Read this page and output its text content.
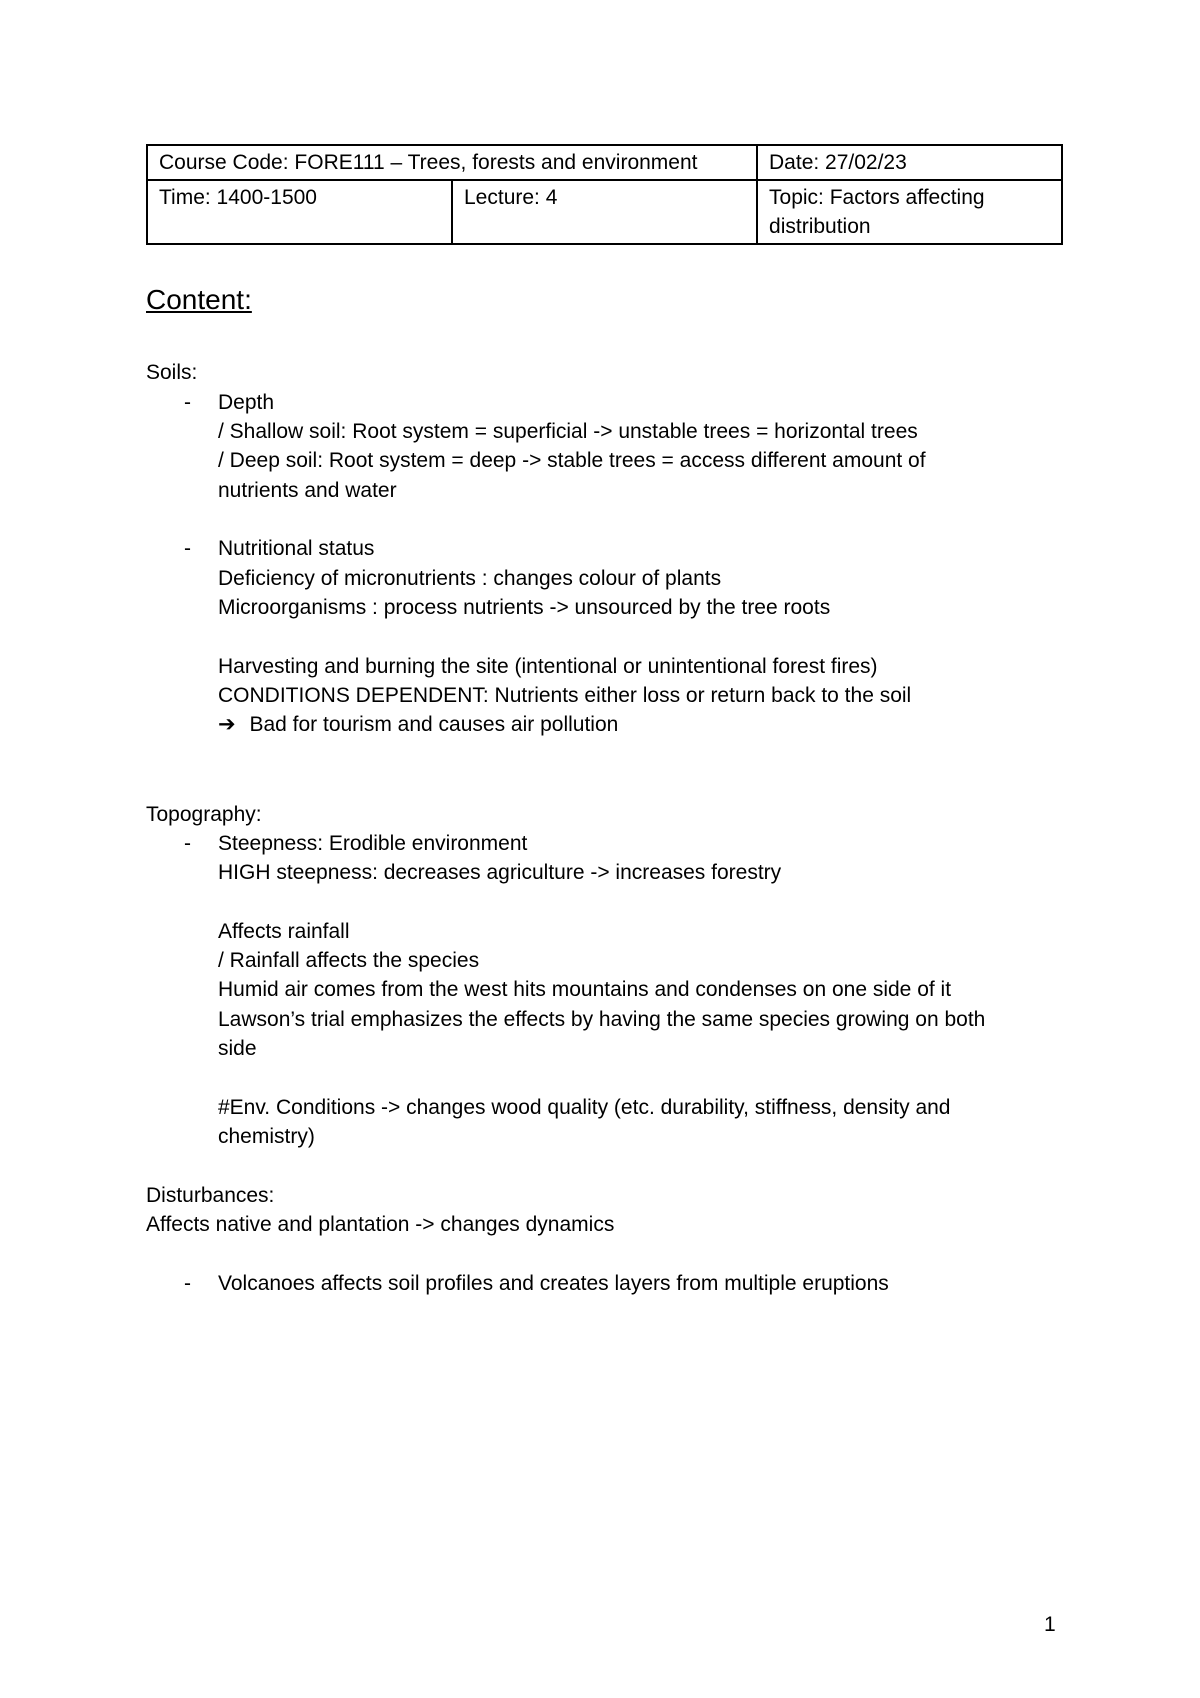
Course Code: FORE111 – Trees, forests and environment		Date: 27/02/23
Time: 1400-1500	Lecture: 4	Topic: Factors affecting
distribution
Content:
Soils:
- Depth
/ Shallow soil: Root system = superficial -> unstable trees = horizontal trees
/ Deep soil: Root system = deep -> stable trees = access different amount of
nutrients and water
- Nutritional status
Deficiency of micronutrients : changes colour of plants
Microorganisms : process nutrients -> unsourced by the tree roots
Harvesting and burning the site (intentional or unintentional forest fires)
CONDITIONS DEPENDENT: Nutrients either loss or return back to the soil
➔ Bad for tourism and causes air pollution
Topography:
- Steepness: Erodible environment
HIGH steepness: decreases agriculture -> increases forestry
Affects rainfall
/ Rainfall affects the species
Humid air comes from the west hits mountains and condenses on one side of it
Lawson’s trial emphasizes the effects by having the same species growing on both
side
#Env. Conditions -> changes wood quality (etc. durability, stiffness, density and
chemistry)
Disturbances:
Affects native and plantation -> changes dynamics
- Volcanoes affects soil profiles and creates layers from multiple eruptions
1
